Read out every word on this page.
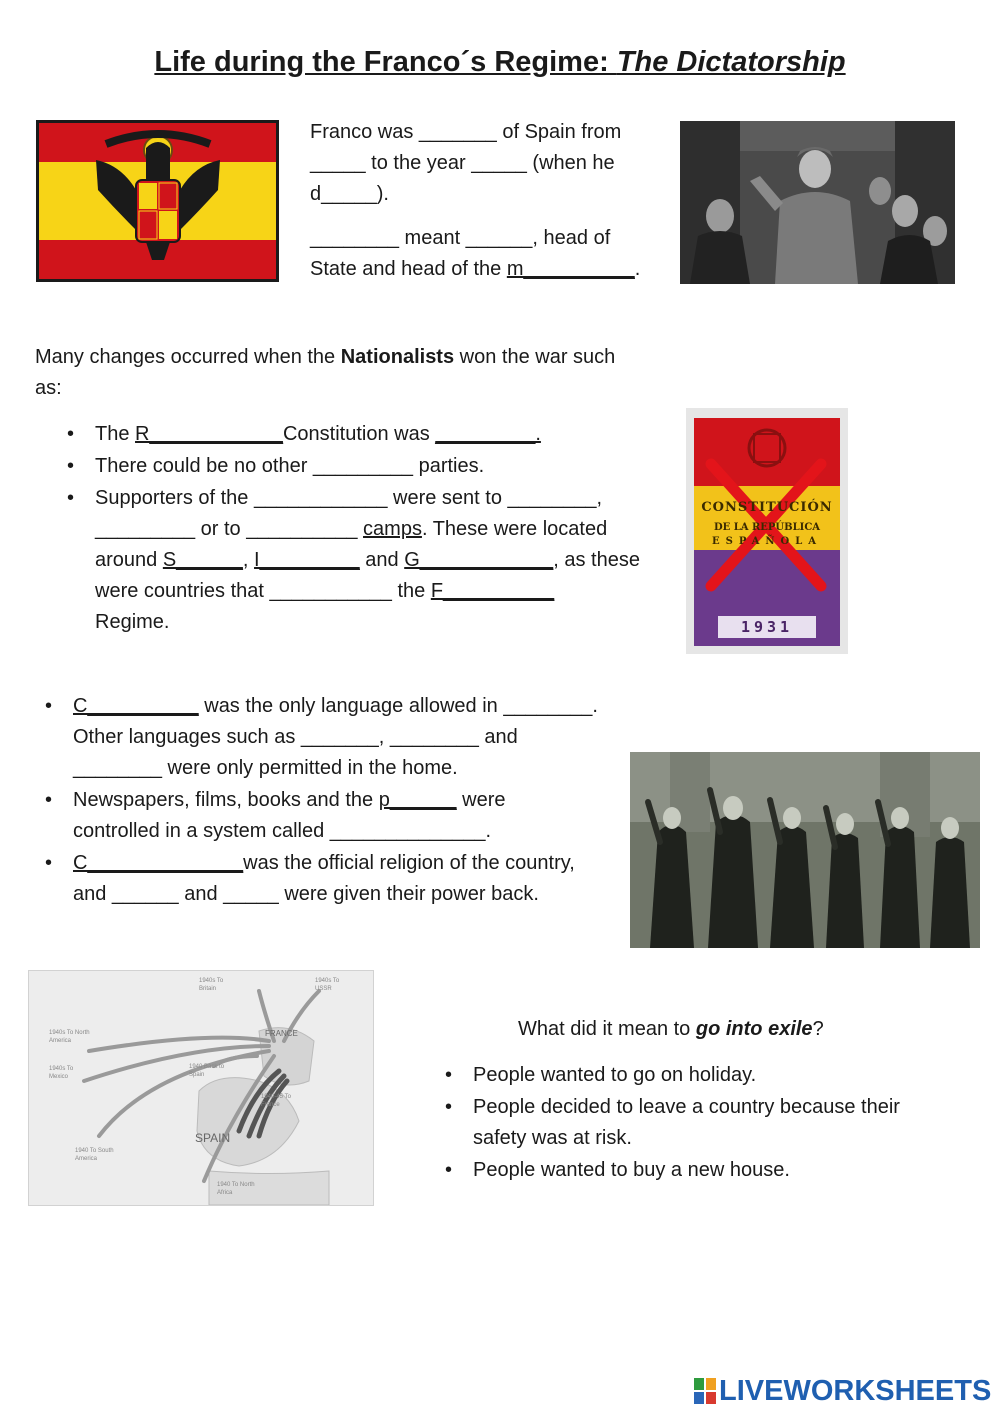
Life during the Franco´s Regime: The Dictatorship
Franco was _______ of Spain from
_____ to the year _____ (when he
d_____).
________ meant ______, head of
State and head of the m__________.
Many changes occurred when the Nationalists won the war such
as:
• The R____________Constitution was _________.
• There could be no other _________ parties.
• Supporters of the ____________ were sent to ________,
_________ or to __________ camps. These were located
around S______, I_________ and G____________, as these
were countries that ___________ the F__________
Regime.
CONSTITUCIÓN
DE LA REPÚBLICA
ESPAÑOLA
1931
• C__________ was the only language allowed in ________.
Other languages such as _______, ________ and
________ were only permitted in the home.
• Newspapers, films, books and the p______ were
controlled in a system called ______________.
• C______________was the official religion of the country,
and ______ and _____ were given their power back.
SPAIN
FRANCE
1940s To Britain
1940s To USSR
1940s To North America
1940s To Mexico
1940 To South America
1940 To North Africa
1940 Back to Spain
1940-45 To France
What did it mean to go into exile?
• People wanted to go on holiday.
• People decided to leave a country because their
safety was at risk.
• People wanted to buy a new house.
LIVEWORKSHEETS
